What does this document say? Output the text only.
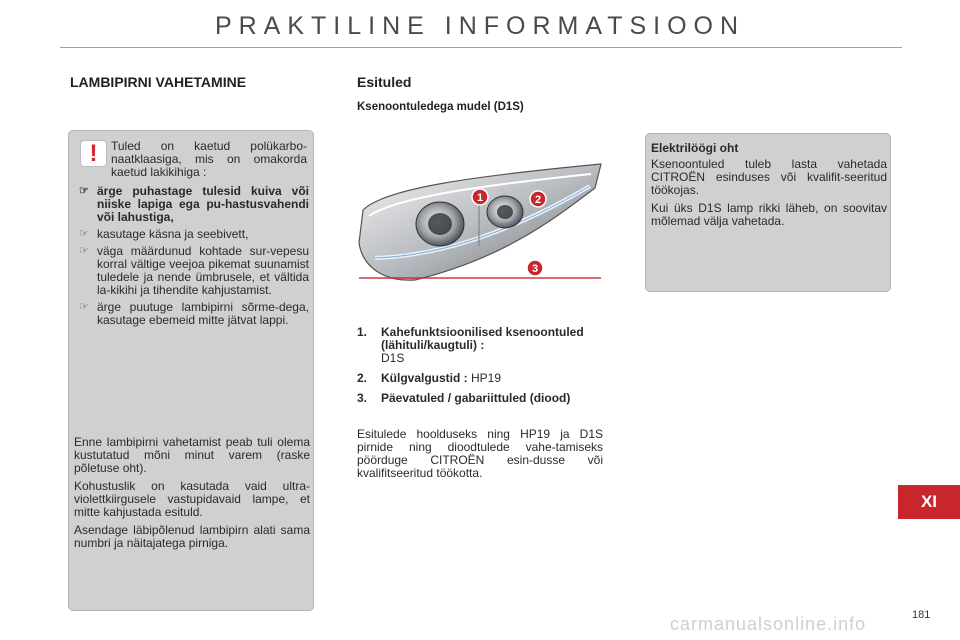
PRAKTILINE INFORMATSIOON
LAMBIPIRNI VAHETAMINE	Esituled
Ksenoontuledega mudel (D1S)
!	Tuled on kaetud polükarbo-naatklaasiga, mis on omakorda kaetud lakikihiga :

☞ ärge puhastage tulesid kuiva või niiske lapiga ega pu-hastusvahendi või lahustiga,
☞ kasutage käsna ja seebivett,
☞ väga määrdunud kohtade sur-vepesu korral vältige veejoa pikemat suunamist tuledele ja nende ümbrusele, et vältida la-kikihi ja tihendite kahjustamist.
☞ ärge puutuge lambipirni sõrme-dega, kasutage ebemeid mitte jätvat lappi.

Enne lambipirni vahetamist peab tuli olema kustutatud mõni minut varem (raske põletuse oht).

Kohustuslik on kasutada vaid ultra-violettkiirgusele vastupidavaid lampe, et mitte kahjustada esituld.

Asendage läbipõlenud lambipirn alati sama numbri ja näitajatega pirniga.

1	2
3
1. Kahefunktsioonilised ksenoontuled (lähituli/kaugtuli) :
D1S
2. Külgvalgustid : HP19
3. Päevatuled / gabariittuled (diood)

Esitulede hoolduseks ning HP19 ja D1S pirnide ning dioodtulede vahe-tamiseks pöörduge CITROËN esin-dusse või kvalifitseeritud töökotta.

Elektrilöögi oht

Ksenoontuled tuleb lasta vahetada CITROËN esinduses või kvalifit-seeritud töökojas.

Kui üks D1S lamp rikki läheb, on soovitav mõlemad välja vahetada.

XI
carmanualsonline.info	181
